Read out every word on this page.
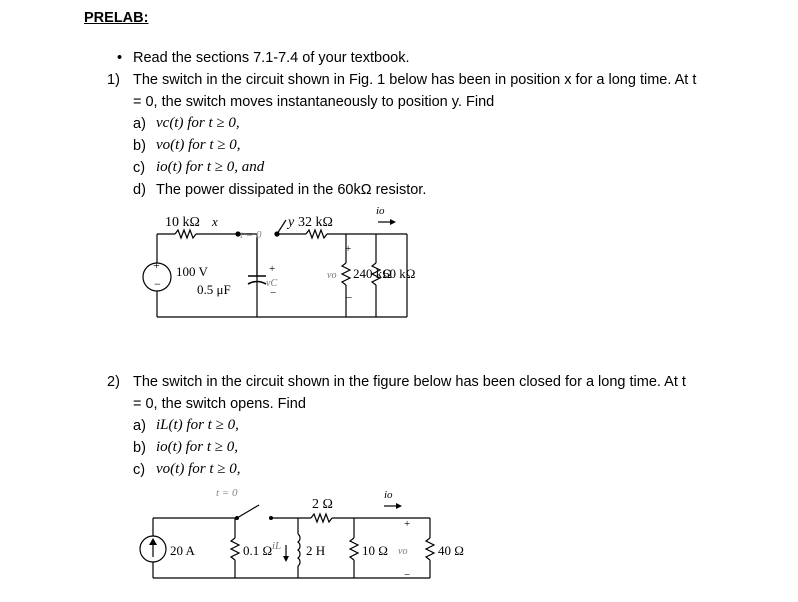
PRELAB:
• Read the sections 7.1-7.4 of your textbook.
1) The switch in the circuit shown in Fig. 1 below has been in position x for a long time. At t
= 0, the switch moves instantaneously to position y. Find
a) vc(t) for t ≥ 0,
b) vo(t) for t ≥ 0,
c) io(t) for t ≥ 0, and
d) The power dissipated in the 60kΩ resistor.
+
−
+
−
+
−
10 kΩ x
t = 0
y 32 kΩ
io
100 V
0.5 μF	vC
vo 240 kΩ
60 kΩ
2) The switch in the circuit shown in the figure below has been closed for a long time. At t
= 0, the switch opens. Find
a) iL(t) for t ≥ 0,
b) io(t) for t ≥ 0,
c) vo(t) for t ≥ 0,
+
−
t = 0
2 Ω
io
20 A	0.1 Ω iL 2 H	10 Ω vo 40 Ω
